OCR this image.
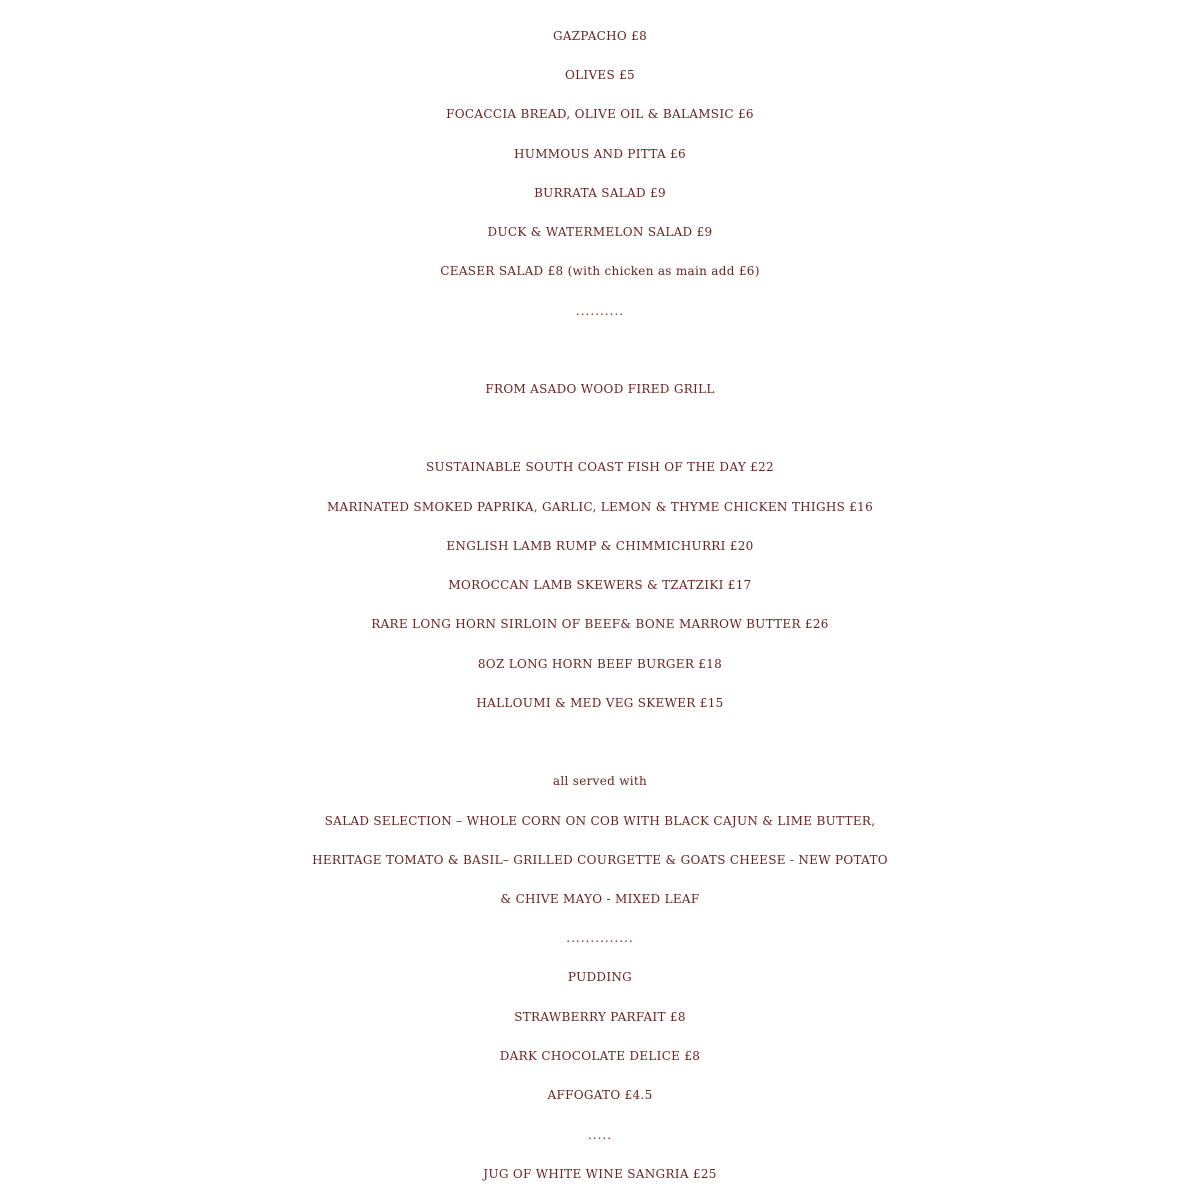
GAZPACHO £8
OLIVES £5
FOCACCIA BREAD, OLIVE OIL & BALAMSIC £6
HUMMOUS AND PITTA £6
BURRATA SALAD £9
DUCK & WATERMELON SALAD £9
CEASER SALAD £8 (with chicken as main add £6)
..........
FROM ASADO WOOD FIRED GRILL
SUSTAINABLE SOUTH COAST FISH OF THE DAY £22
MARINATED SMOKED PAPRIKA, GARLIC, LEMON & THYME CHICKEN THIGHS £16
ENGLISH LAMB RUMP & CHIMMICHURRI £20
MOROCCAN LAMB SKEWERS & TZATZIKI £17
RARE LONG HORN SIRLOIN OF BEEF& BONE MARROW BUTTER £26
8OZ LONG HORN BEEF BURGER £18
HALLOUMI & MED VEG SKEWER £15
all served with
SALAD SELECTION – WHOLE CORN ON COB WITH BLACK CAJUN & LIME BUTTER,
HERITAGE TOMATO & BASIL– GRILLED COURGETTE & GOATS CHEESE - NEW POTATO
& CHIVE MAYO - MIXED LEAF
..............
PUDDING
STRAWBERRY PARFAIT £8
DARK CHOCOLATE DELICE £8
AFFOGATO £4.5
.....
JUG OF WHITE WINE SANGRIA £25
